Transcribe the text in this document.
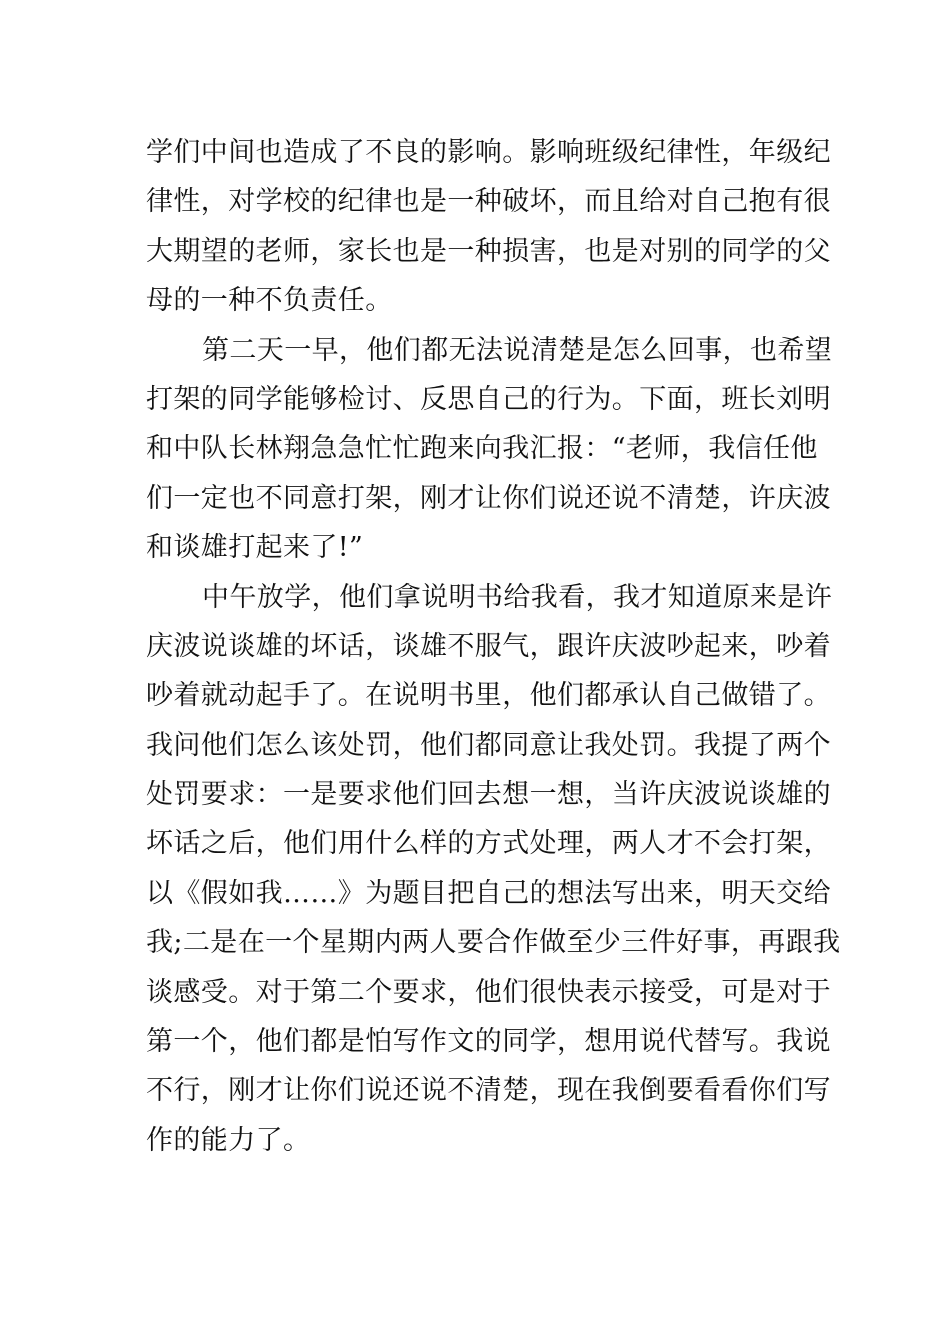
学们中间也造成了不良的影响。影响班级纪律性，年级纪
律性，对学校的纪律也是一种破坏，而且给对自己抱有很
大期望的老师，家长也是一种损害，也是对别的同学的父
母的一种不负责任。
第二天一早，他们都无法说清楚是怎么回事，也希望
打架的同学能够检讨、反思自己的行为。下面，班长刘明
和中队长林翔急急忙忙跑来向我汇报：“老师，我信任他
们一定也不同意打架，刚才让你们说还说不清楚，许庆波
和谈雄打起来了!”
中午放学，他们拿说明书给我看，我才知道原来是许
庆波说谈雄的坏话，谈雄不服气，跟许庆波吵起来，吵着
吵着就动起手了。在说明书里，他们都承认自己做错了。
我问他们怎么该处罚，他们都同意让我处罚。我提了两个
处罚要求：一是要求他们回去想一想，当许庆波说谈雄的
坏话之后，他们用什么样的方式处理，两人才不会打架，
以《假如我……》为题目把自己的想法写出来，明天交给
我;二是在一个星期内两人要合作做至少三件好事，再跟我
谈感受。对于第二个要求，他们很快表示接受，可是对于
第一个，他们都是怕写作文的同学，想用说代替写。我说
不行，刚才让你们说还说不清楚，现在我倒要看看你们写
作的能力了。
